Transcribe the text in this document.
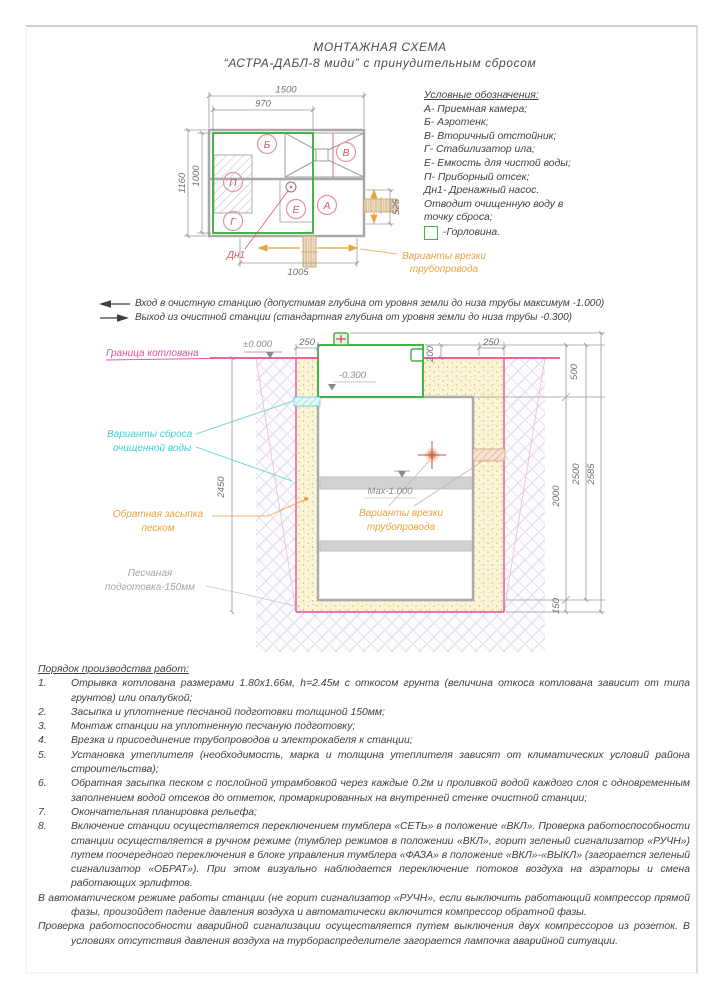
Б
В
П
Г
Е А
Дн1
1500
970
1160 1000
525
1005
Варианты врезки
трубопровода
250	250
200
2450
500
2000
150
2500 2585
±0.000
-0.300
Max-1.000
Граница котлована
Варианты сброса
очищенной воды
Обратная засыпка
песком
Песчаная
подготовка-150мм
Варианты врезки
трубопровода
МОНТАЖНАЯ СХЕМА
“АСТРА-ДАБЛ-8 миди” с принудительным сбросом
Условные обозначения:
А- Приемная камера;
Б- Аэротенк;
В- Вторичный отстойник;
Г- Стабилизатор ила;
Е- Емкость для чистой воды;
П- Приборный отсек;
Дн1- Дренажный насос.
Отводит очищенную воду в
точку сброса;
-Горловина.
Вход в очистную станцию (допустимая глубина от уровня земли до низа трубы максимум -1.000)
Выход из очистной станции (стандартная глубина от уровня земли до низа трубы -0.300)
Порядок производства работ:
1.	Отрывка котлована размерами 1.80х1.66м, h=2.45м с откосом грунта (величина откоса котлована зависит от типа грунтов) или опалубкой;
2.	Засыпка и уплотнение песчаной подготовки толщиной 150мм;
3.	Монтаж станции на уплотненную песчаную подготовку;
4.	Врезка и присоединение трубопроводов и электрокабеля к станции;
5.	Установка утеплителя (необходимость, марка и толщина утеплителя зависят от климатических условий района строительства);
6.	Обратная засыпка песком с послойной утрамбовкой через каждые 0.2м и проливкой водой каждого слоя с одновременным заполнением водой отсеков до отметок, промаркированных на внутренней стенке очистной станции;
7.	Окончательная планировка рельефа;
8.	Включение станции осуществляется переключением тумблера «СЕТЬ» в положение «ВКЛ». Проверка работоспособности станции осуществляется в ручном режиме (тумблер режимов в положении «ВКЛ», горит зеленый сигнализатор «РУЧН») путем поочередного переключения в блоке управления тумблера «ФАЗА» в положение «ВКЛ»-«ВЫКЛ» (загорается зеленый сигнализатор «ОБРАТ»). При этом визуально наблюдается переключение потоков воздуха на аэраторы и смена работающих эрлифтов.
В автоматическом режиме работы станции (не горит сигнализатор «РУЧН», если выключить работающий компрессор прямой фазы, произойдет падение давления воздуха и автоматически включится компрессор обратной фазы.
Проверка работоспособности аварийной сигнализации осуществляется путем выключения двух компрессоров из розеток. В условиях отсутствия давления воздуха на турбораспределителе загорается лампочка аварийной ситуации.
